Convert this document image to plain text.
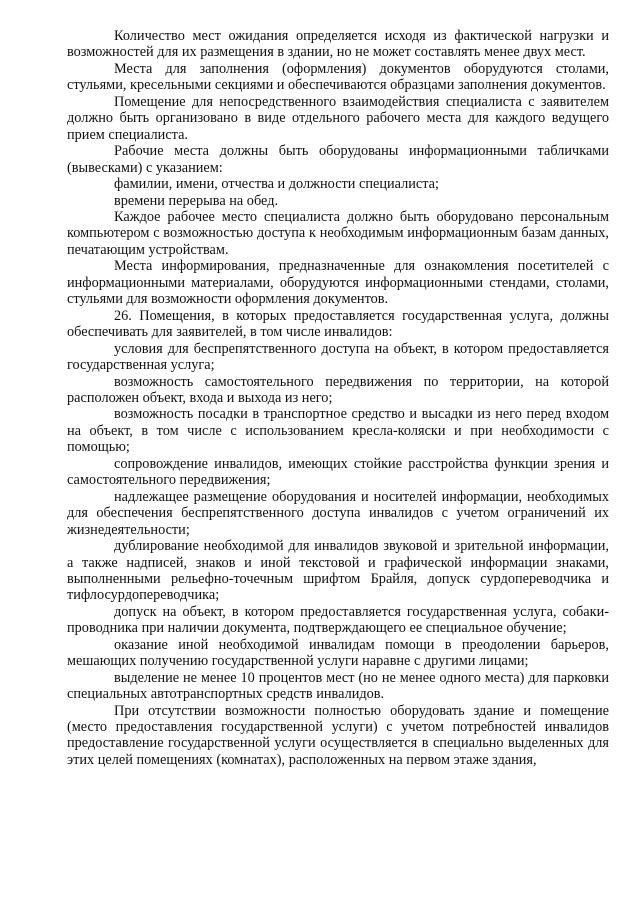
Количество мест ожидания определяется исходя из фактической нагрузки и возможностей для их размещения в здании, но не может составлять менее двух мест.

Места для заполнения (оформления) документов оборудуются столами, стульями, кресельными секциями и обеспечиваются образцами заполнения документов.

Помещение для непосредственного взаимодействия специалиста с заявителем должно быть организовано в виде отдельного рабочего места для каждого ведущего прием специалиста.

Рабочие места должны быть оборудованы информационными табличками (вывесками) с указанием:

фамилии, имени, отчества и должности специалиста;

времени перерыва на обед.

Каждое рабочее место специалиста должно быть оборудовано персональным компьютером с возможностью доступа к необходимым информационным базам данных, печатающим устройствам.

Места информирования, предназначенные для ознакомления посетителей с информационными материалами, оборудуются информационными стендами, столами, стульями для возможности оформления документов.

26. Помещения, в которых предоставляется государственная услуга, должны обеспечивать для заявителей, в том числе инвалидов:

условия для беспрепятственного доступа на объект, в котором предоставляется государственная услуга;

возможность самостоятельного передвижения по территории, на которой расположен объект, входа и выхода из него;

возможность посадки в транспортное средство и высадки из него перед входом на объект, в том числе с использованием кресла-коляски и при необходимости с помощью;

сопровождение инвалидов, имеющих стойкие расстройства функции зрения и самостоятельного передвижения;

надлежащее размещение оборудования и носителей информации, необходимых для обеспечения беспрепятственного доступа инвалидов с учетом ограничений их жизнедеятельности;

дублирование необходимой для инвалидов звуковой и зрительной информации, а также надписей, знаков и иной текстовой и графической информации знаками, выполненными рельефно-точечным шрифтом Брайля, допуск сурдопереводчика и тифлосурдопереводчика;

допуск на объект, в котором предоставляется государственная услуга, собаки-проводника при наличии документа, подтверждающего ее специальное обучение;

оказание иной необходимой инвалидам помощи в преодолении барьеров, мешающих получению государственной услуги наравне с другими лицами;

выделение не менее 10 процентов мест (но не менее одного места) для парковки специальных автотранспортных средств инвалидов.

При отсутствии возможности полностью оборудовать здание и помещение (место предоставления государственной услуги) с учетом потребностей инвалидов предоставление государственной услуги осуществляется в специально выделенных для этих целей помещениях (комнатах), расположенных на первом этаже здания,
